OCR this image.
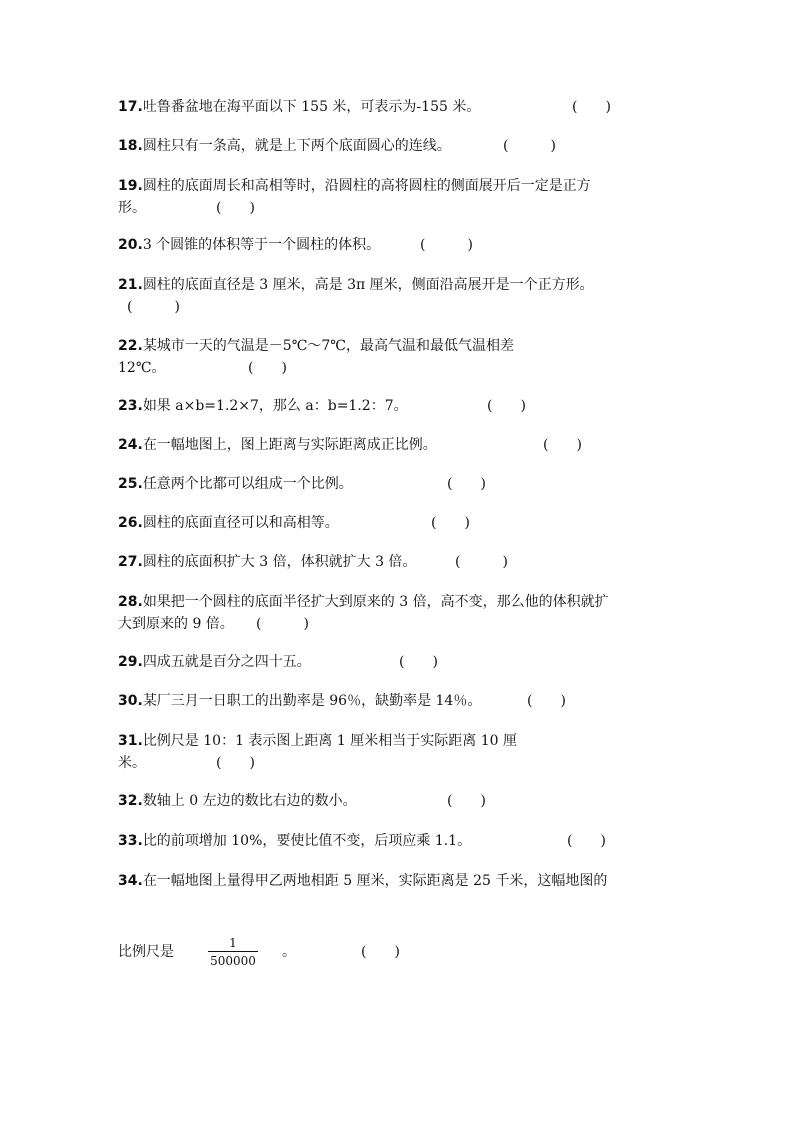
17.吐鲁番盆地在海平面以下 155 米，可表示为-155 米。	(　　)
18.圆柱只有一条高，就是上下两个底面圆心的连线。	(　　　)
19.圆柱的底面周长和高相等时，沿圆柱的高将圆柱的侧面展开后一定是正方
形。	(　　)
20.3 个圆锥的体积等于一个圆柱的体积。	(　　　)
21.圆柱的底面直径是 3 厘米，高是 3π 厘米，侧面沿高展开是一个正方形。
(　　　)
22.某城市一天的气温是－5℃～7℃，最高气温和最低气温相差
12℃。	(　　)
23.如果 a×b=1.2×7，那么 a：b=1.2：7。	(　　)
24.在一幅地图上，图上距离与实际距离成正比例。	(　　)
25.任意两个比都可以组成一个比例。	(　　)
26.圆柱的底面直径可以和高相等。	(　　)
27.圆柱的底面积扩大 3 倍，体积就扩大 3 倍。	(　　　)
28.如果把一个圆柱的底面半径扩大到原来的 3 倍，高不变，那么他的体积就扩
大到原来的 9 倍。	(　　　)
29.四成五就是百分之四十五。	(　　)
30.某厂三月一日职工的出勤率是 96％，缺勤率是 14％。	(　　)
31.比例尺是 10：1 表示图上距离 1 厘米相当于实际距离 10 厘
米。	(　　)
32.数轴上 0 左边的数比右边的数小。	(　　)
33.比的前项增加 10%，要使比值不变，后项应乘 1.1。	(　　)
34.在一幅地图上量得甲乙两地相距 5 厘米，实际距离是 25 千米，这幅地图的
比例尺是	$\frac{1}{500000}$ 。	(　　)
